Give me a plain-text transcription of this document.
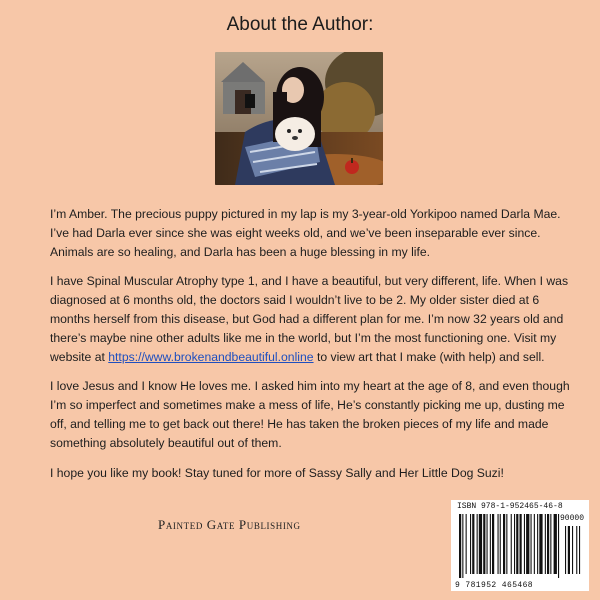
About the Author:

I’m Amber. The precious puppy pictured in my lap is my 3-year-old Yorkipoo named Darla Mae. I’ve had Darla ever since she was eight weeks old, and we’ve been inseparable ever since. Animals are so healing, and Darla has been a huge blessing in my life.

I have Spinal Muscular Atrophy type 1, and I have a beautiful, but very different, life. When I was diagnosed at 6 months old, the doctors said I wouldn’t live to be 2. My older sister died at 6 months herself from this disease, but God had a different plan for me. I’m now 32 years old and there’s maybe nine other adults like me in the world, but I’m the most functioning one. Visit my website at https://www.brokenandbeautiful.online to view art that I make (with help) and sell.

I love Jesus and I know He loves me. I asked him into my heart at the age of 8, and even though I’m so imperfect and sometimes make a mess of life, He’s constantly picking me up, dusting me off, and telling me to get back out there! He has taken the broken pieces of my life and made something absolutely beautiful out of them.

I hope you like my book! Stay tuned for more of Sassy Sally and Her Little Dog Suzi!

Painted Gate Publishing
ISBN 978-1-952465-46-8
90000
9 781952 465468
